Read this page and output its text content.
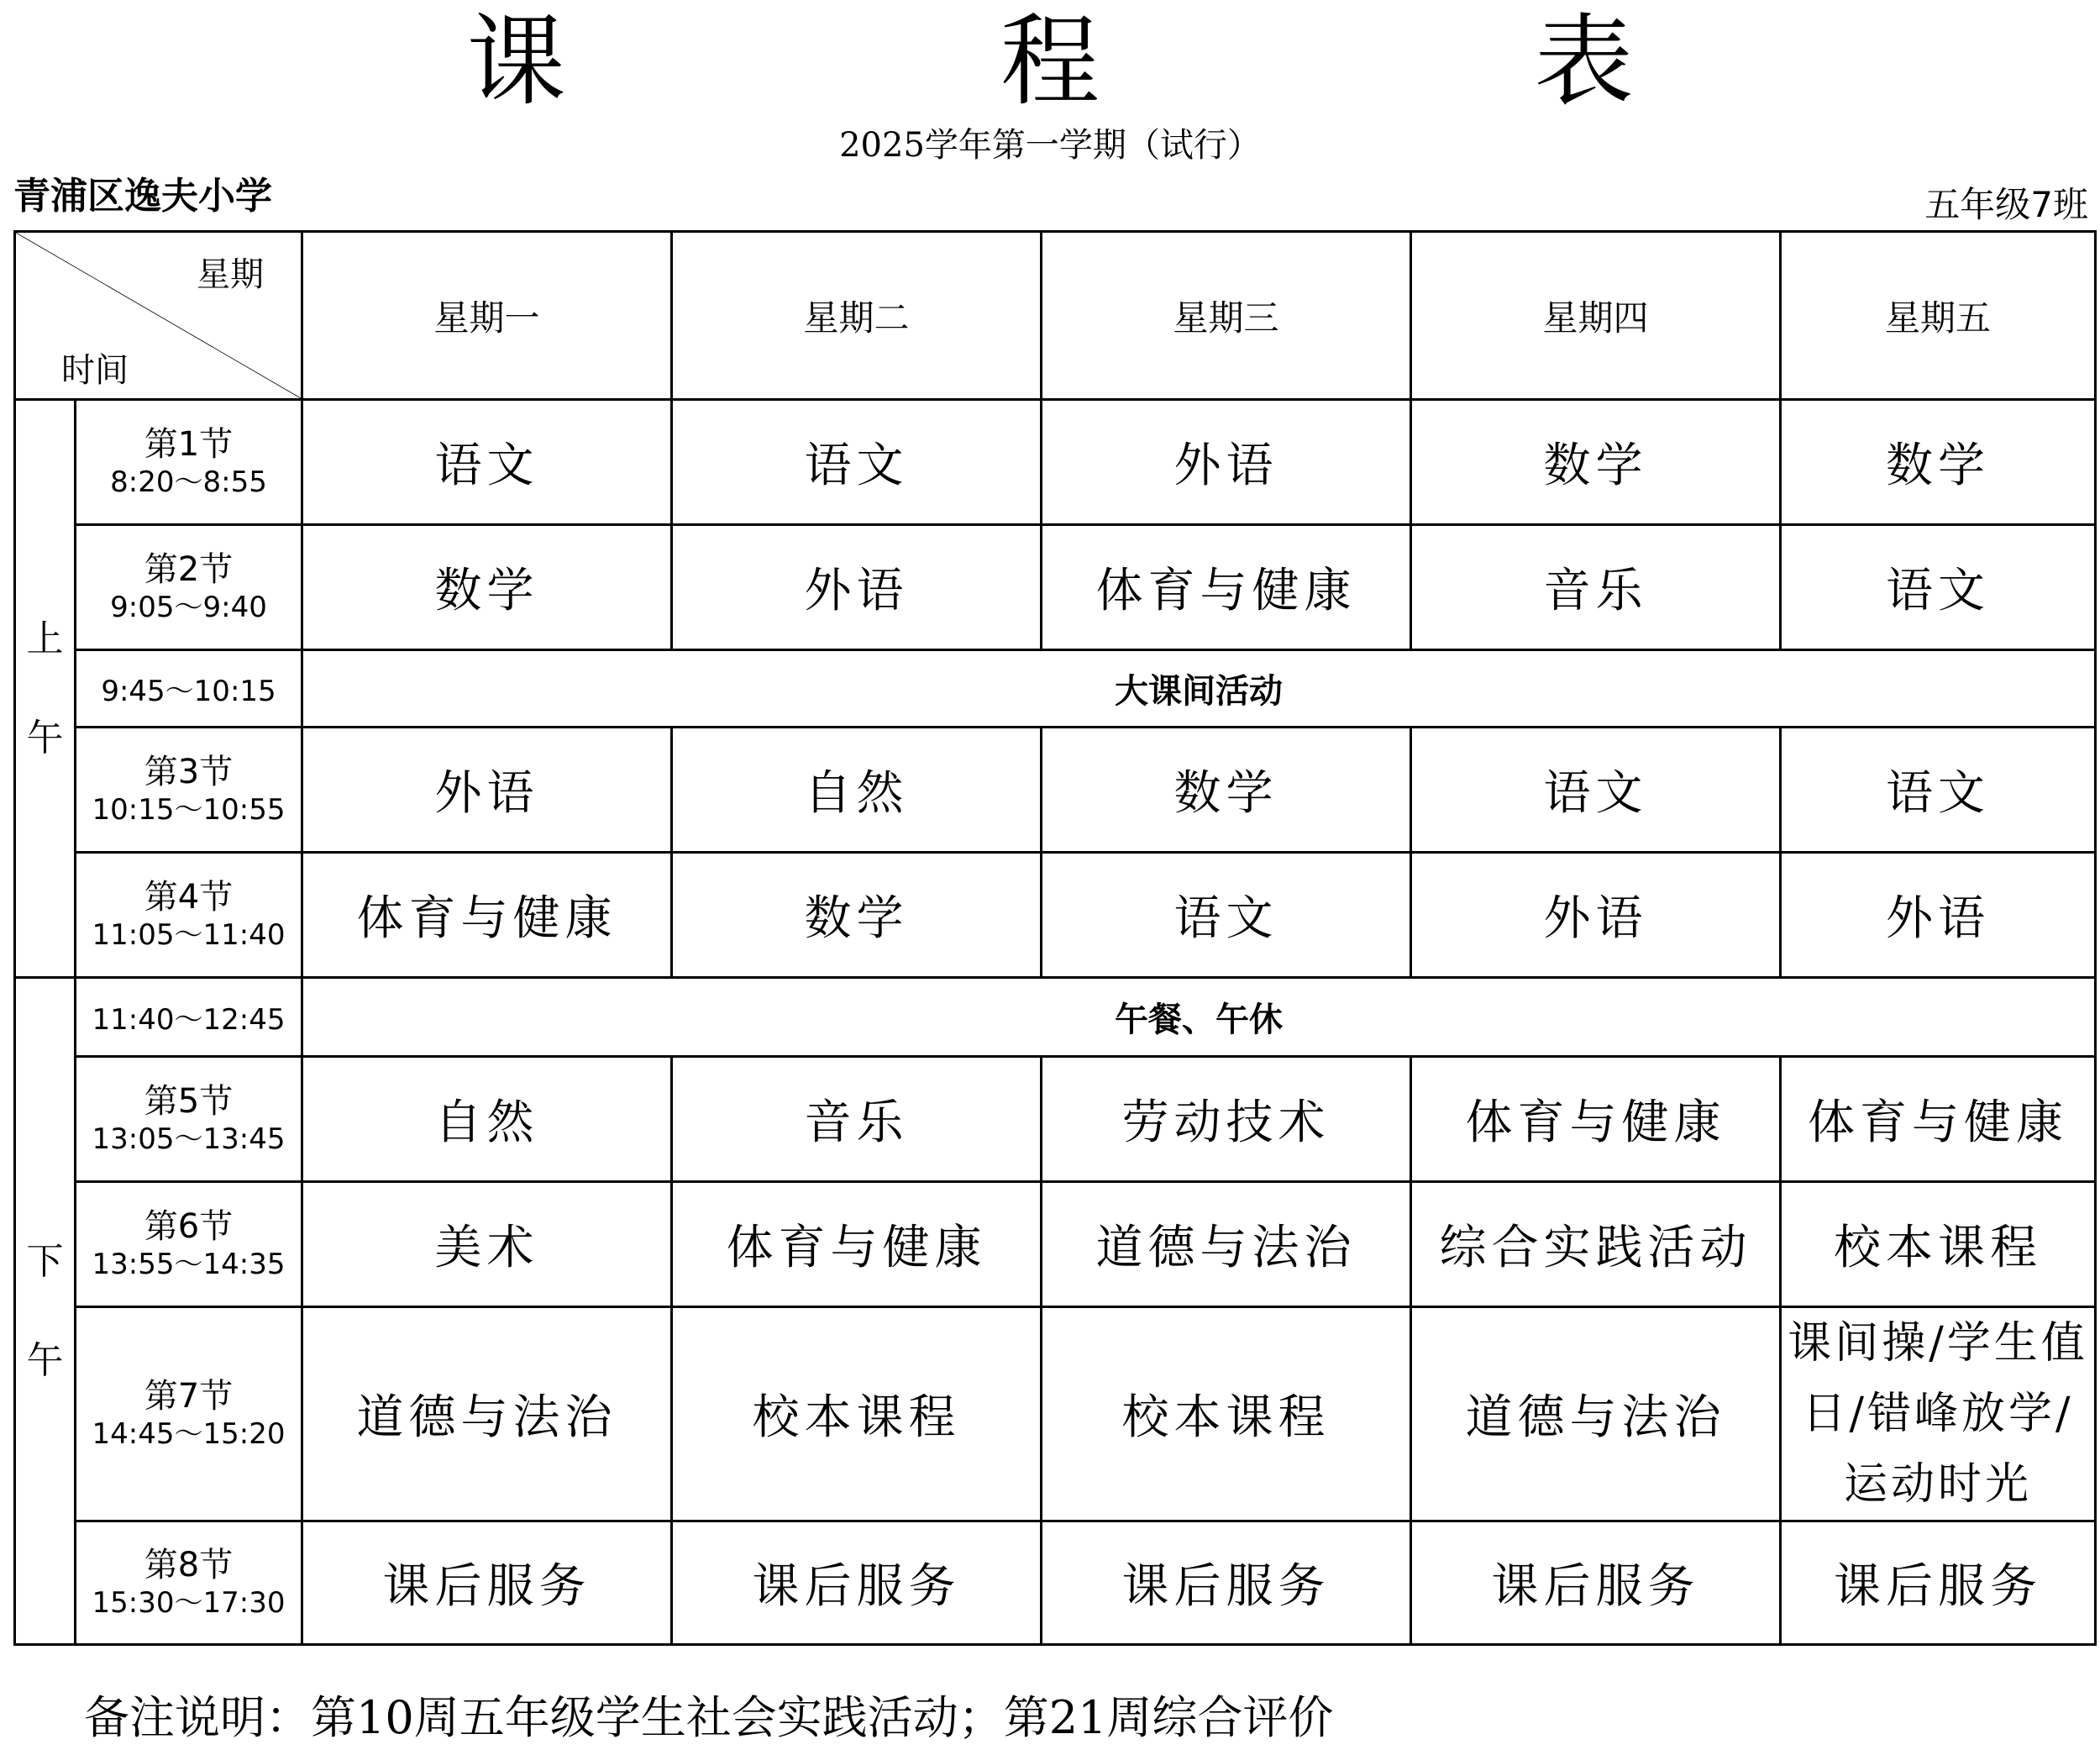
课 程 表
2025学年第一学期（试行）
青浦区逸夫小学	五年级7班
星期
时间		星期一	星期二	星期三	星期四	星期五
上
午	第1节
8:20～8:55	语文	语文	外语	数学	数学

	第2节
9:05～9:40	数学	外语	体育与健康	音乐	语文
	9:45～10:15	大课间活动				

	第3节
10:15～10:55	外语	自然	数学	语文	语文

	第4节
11:05～11:40	体育与健康	数学	语文	外语	外语
下
午	11:40～12:45	午餐、午休				

	第5节
13:05～13:45	自然	音乐	劳动技术	体育与健康	体育与健康

	第6节
13:55～14:35	美术	体育与健康	道德与法治	综合实践活动	校本课程

	第7节
14:45～15:20	道德与法治	校本课程	校本课程	道德与法治	课间操/学生值日/错峰放学/运动时光

	第8节
15:30～17:30	课后服务	课后服务	课后服务	课后服务	课后服务
备注说明：第10周五年级学生社会实践活动；第21周综合评价
